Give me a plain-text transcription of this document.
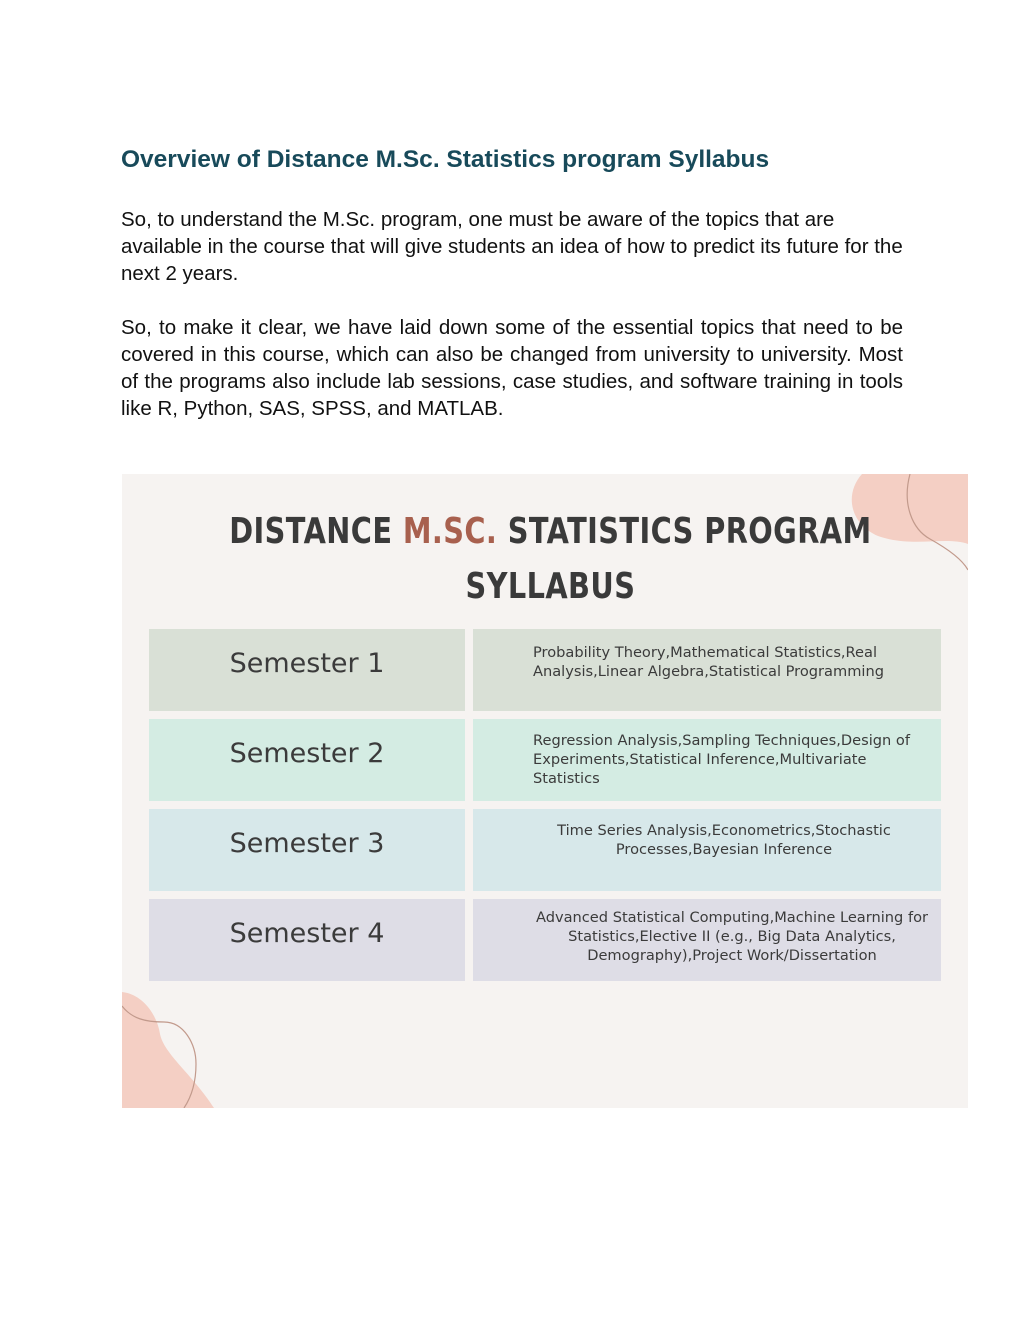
Overview of Distance M.Sc. Statistics program Syllabus

So, to understand the M.Sc. program, one must be aware of the topics that are available in the course that will give students an idea of how to predict its future for the next 2 years.

So, to make it clear, we have laid down some of the essential topics that need to be covered in this course, which can also be changed from university to university. Most of the programs also include lab sessions, case studies, and software training in tools like R, Python, SAS, SPSS, and MATLAB.

DISTANCE M.SC. STATISTICS PROGRAM
SYLLABUS
Semester 1	Probability Theory,Mathematical Statistics,Real Analysis,Linear Algebra,Statistical Programming
Semester 2	Regression Analysis,Sampling Techniques,Design of Experiments,Statistical Inference,Multivariate Statistics
Semester 3	Time Series Analysis,Econometrics,Stochastic Processes,Bayesian Inference
Semester 4	Advanced Statistical Computing,Machine Learning for Statistics,Elective II (e.g., Big Data Analytics, Demography),Project Work/Dissertation
